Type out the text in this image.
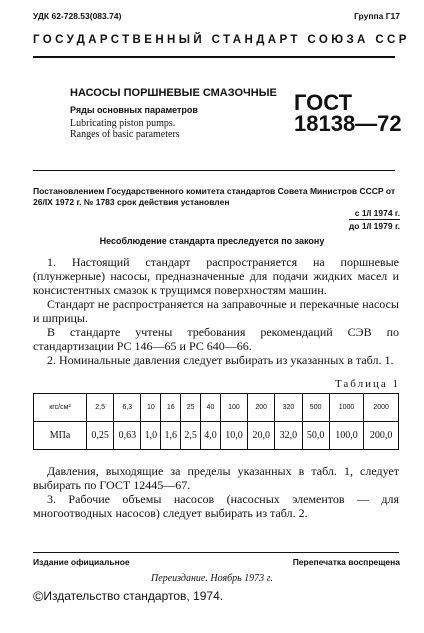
УДК 62-728.53(083.74)	Группа Г17
ГОСУДАРСТВЕННЫЙ СТАНДАРТ СОЮЗА ССР
НАСОСЫ ПОРШНЕВЫЕ СМАЗОЧНЫЕ
Ряды основных параметров
Lubricating piston pumps.
Ranges of basic parameters
ГОСТ
18138—72
Постановлением Государственного комитета стандартов Совета Министров СССР от 26/IX 1972 г. № 1783 срок действия установлен
с 1/I 1974 г.
до 1/I 1979 г.
Несоблюдение стандарта преследуется по закону
1. Настоящий стандарт распространяется на поршневые (плунжерные) насосы, предназначенные для подачи жидких масел и консистентных смазок к трущимся поверхностям машин.
Стандарт не распространяется на заправочные и перекачные насосы и шприцы.
В стандарте учтены требования рекомендаций СЭВ по стандартизации РС 146—65 и РС 640—66.
2. Номинальные давления следует выбирать из указанных в табл. 1.
Таблица 1
кгс/см²	2,5	6,3	10	16	25	40	100	200	320	500	1000	2000
МПа	0,25	0,63	1,0	1,6	2,5	4,0	10,0	20,0	32,0	50,0	100,0	200,0
Давления, выходящие за пределы указанных в табл. 1, следует выбирать по ГОСТ 12445—67.
3. Рабочие объемы насосов (насосных элементов — для многоотводных насосов) следует выбирать из табл. 2.
Издание официальное	Перепечатка воспрещена
Переиздание. Ноябрь 1973 г.
©Издательство стандартов, 1974.
